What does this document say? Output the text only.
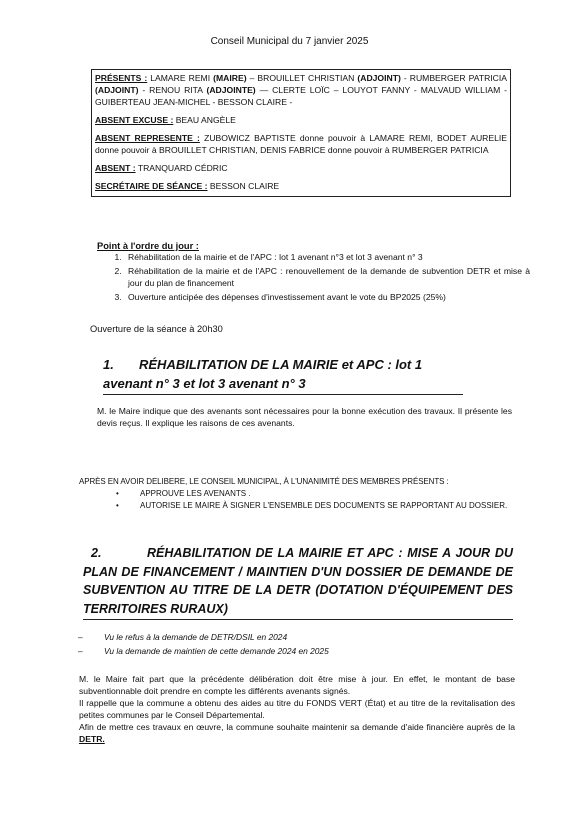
Conseil Municipal du 7 janvier 2025

PRÉSENTS : LAMARE REMI (MAIRE) – BROUILLET CHRISTIAN (ADJOINT) - RUMBERGER PATRICIA (ADJOINT) - RENOU RITA (ADJOINTE) — CLERTE LOÏC – LOUYOT FANNY - MALVAUD WILLIAM - GUIBERTEAU JEAN-MICHEL - BESSON CLAIRE -

ABSENT EXCUSE : BEAU ANGÈLE

ABSENT REPRESENTE : ZUBOWICZ BAPTISTE donne pouvoir à LAMARE REMI, BODET AURELIE donne pouvoir à BROUILLET CHRISTIAN, DENIS FABRICE donne pouvoir à RUMBERGER PATRICIA

ABSENT : TRANQUARD CÉDRIC

SECRÉTAIRE DE SÉANCE : BESSON CLAIRE

Point à l'ordre du jour :
1. Réhabilitation de la mairie et de l'APC : lot 1 avenant n°3 et lot 3 avenant n° 3
2. Réhabilitation de la mairie et de l'APC : renouvellement de la demande de subvention DETR et mise à jour du plan de financement
3. Ouverture anticipée des dépenses d'investissement avant le vote du BP2025 (25%)
Ouverture de la séance à 20h30
1. RÉHABILITATION DE LA MAIRIE et APC : lot 1 avenant n° 3 et lot 3 avenant n° 3

M. le Maire indique que des avenants sont nécessaires pour la bonne exécution des travaux. Il présente les devis reçus. Il explique les raisons de ces avenants.

APRÈS EN AVOIR DELIBERE, LE CONSEIL MUNICIPAL, À L'UNANIMITÉ DES MEMBRES PRÉSENTS :
• APPROUVE LES AVENANTS .
• AUTORISE LE MAIRE À SIGNER L'ENSEMBLE DES DOCUMENTS SE RAPPORTANT AU DOSSIER.
2.	RÉHABILITATION DE LA MAIRIE ET APC : MISE A JOUR DU PLAN DE FINANCEMENT / MAINTIEN D'UN DOSSIER DE DEMANDE DE SUBVENTION AU TITRE DE LA DETR (DOTATION D'ÉQUIPEMENT DES TERRITOIRES RURAUX)
– Vu le refus à la demande de DETR/DSIL en 2024
– Vu la demande de maintien de cette demande 2024 en 2025
M. le Maire fait part que la précédente délibération doit être mise à jour. En effet, le montant de base subventionnable doit prendre en compte les différents avenants signés.
Il rappelle que la commune a obtenu des aides au titre du FONDS VERT (État) et au titre de la revitalisation des petites communes par le Conseil Départemental.
Afin de mettre ces travaux en œuvre, la commune souhaite maintenir sa demande d'aide financière auprès de la DETR.
